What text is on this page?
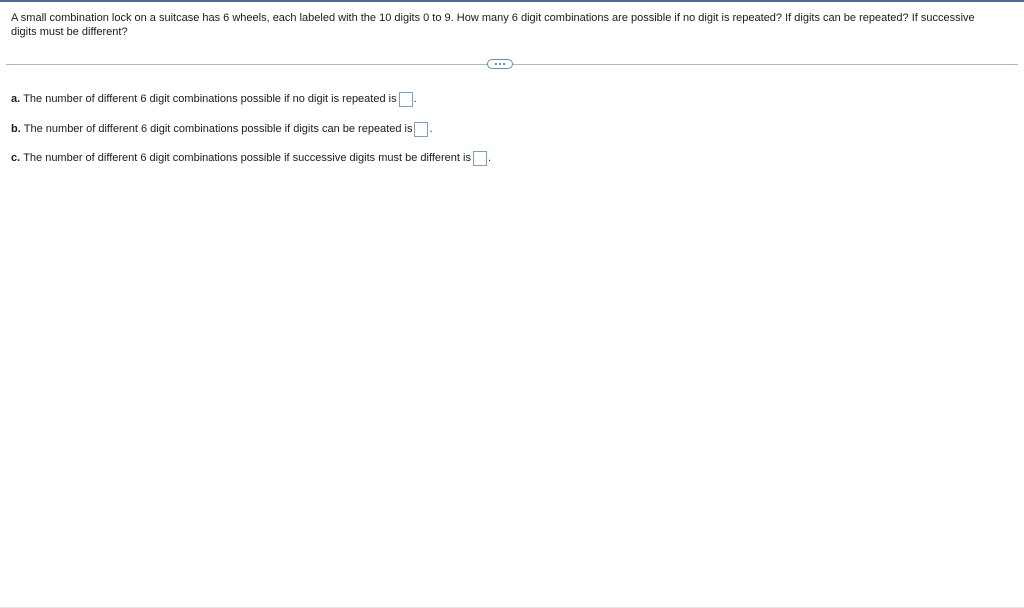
A small combination lock on a suitcase has 6 wheels, each labeled with the 10 digits 0 to 9. How many 6 digit combinations are possible if no digit is repeated? If digits can be repeated? If successive digits must be different?
a. The number of different 6 digit combinations possible if no digit is repeated is .
b. The number of different 6 digit combinations possible if digits can be repeated is .
c. The number of different 6 digit combinations possible if successive digits must be different is .
